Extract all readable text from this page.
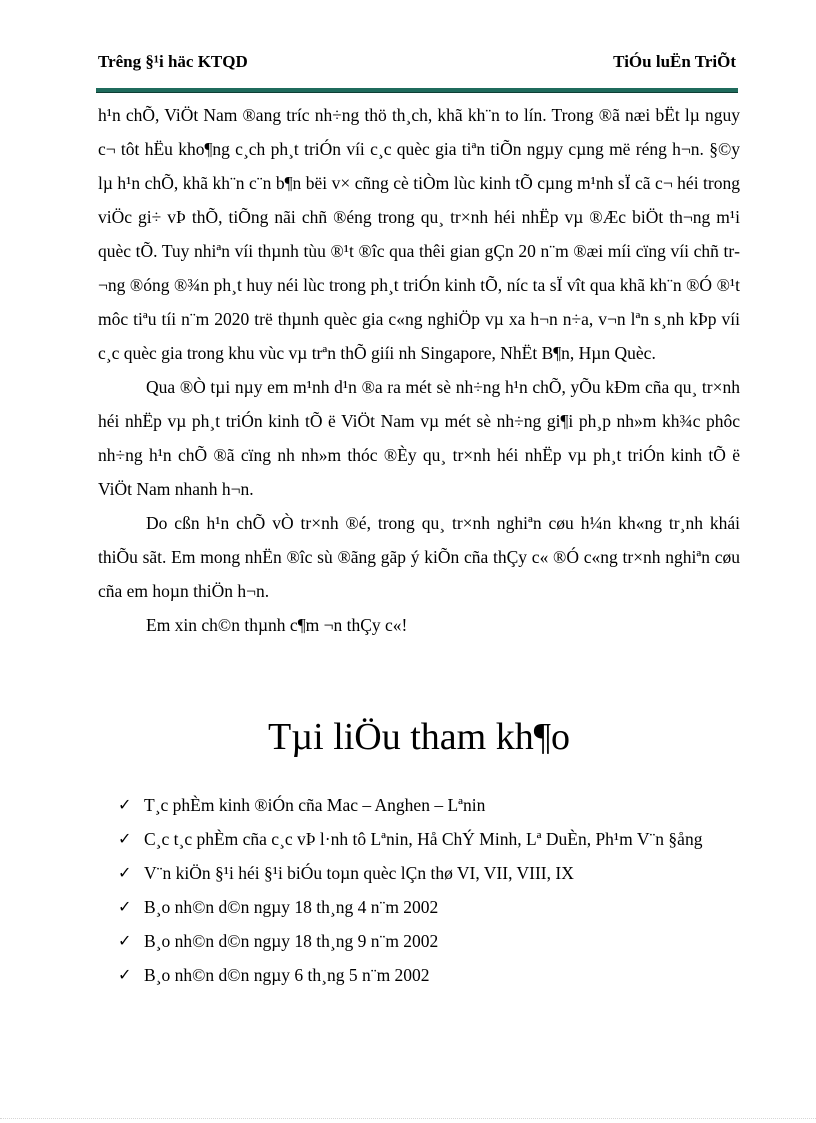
Trêng §¹i häc KTQD	TiÓu luËn TriÕt

h¹n chÕ, ViÖt Nam ®ang tríc nh÷ng thö th¸ch, khã kh¨n to lín. Trong ®ã næi bËt lµ nguy c¬ tôt hËu kho¶ng c¸ch ph¸t triÓn víi c¸c quèc gia tiªn tiÕn ngµy cµng më réng h¬n. §©y lµ h¹n chÕ, khã kh¨n c¨n b¶n bëi v× cñng cè tiÒm lùc kinh tÕ cµng m¹nh sÏ cã c¬ héi trong viÖc gi÷ vÞ thÕ, tiÕng nãi chñ ®éng trong qu¸ tr×nh héi nhËp vµ ®Æc biÖt th¬ng m¹i quèc tÕ. Tuy nhiªn víi thµnh tùu ®¹t ®îc qua thêi gian gÇn 20 n¨m ®æi míi cïng víi chñ tr¬ng ®óng ®¾n ph¸t huy néi lùc trong ph¸t triÓn kinh tÕ, níc ta sÏ vît qua khã kh¨n ®Ó ®¹t môc tiªu tíi n¨m 2020 trë thµnh quèc gia c«ng nghiÖp vµ xa h¬n n÷a, v¬n lªn s¸nh kÞp víi c¸c quèc gia trong khu vùc vµ trªn thÕ giíi nh Singapore, NhËt B¶n, Hµn Quèc.

Qua ®Ò tµi nµy em m¹nh d¹n ®a ra mét sè nh÷ng h¹n chÕ, yÕu kÐm cña qu¸ tr×nh héi nhËp vµ ph¸t triÓn kinh tÕ ë ViÖt Nam vµ mét sè nh÷ng gi¶i ph¸p nh»m kh¾c phôc nh÷ng h¹n chÕ ®ã cïng nh nh»m thóc ®Èy qu¸ tr×nh héi nhËp vµ ph¸t triÓn kinh tÕ ë ViÖt Nam nhanh h¬n.

Do cßn h¹n chÕ vÒ tr×nh ®é, trong qu¸ tr×nh nghiªn cøu h¼n kh«ng tr¸nh khái thiÕu sãt. Em mong nhËn ®îc sù ®ãng gãp ý kiÕn cña thÇy c« ®Ó c«ng tr×nh nghiªn cøu cña em hoµn thiÖn h¬n.

Em xin ch©n thµnh c¶m ¬n thÇy c«!

Tµi liÖu tham kh¶o
✓ T¸c phÈm kinh ®iÓn cña Mac – Anghen – Lªnin
✓ C¸c t¸c phÈm cña c¸c vÞ l·nh tô Lªnin, Hå ChÝ Minh, Lª DuÈn, Ph¹m V¨n §ång
✓ V¨n kiÖn §¹i héi §¹i biÓu toµn quèc lÇn thø VI, VII, VIII, IX
✓ B¸o nh©n d©n ngµy 18 th¸ng 4 n¨m 2002
✓ B¸o nh©n d©n ngµy 18 th¸ng 9 n¨m 2002
✓ B¸o nh©n d©n ngµy 6 th¸ng 5 n¨m 2002
